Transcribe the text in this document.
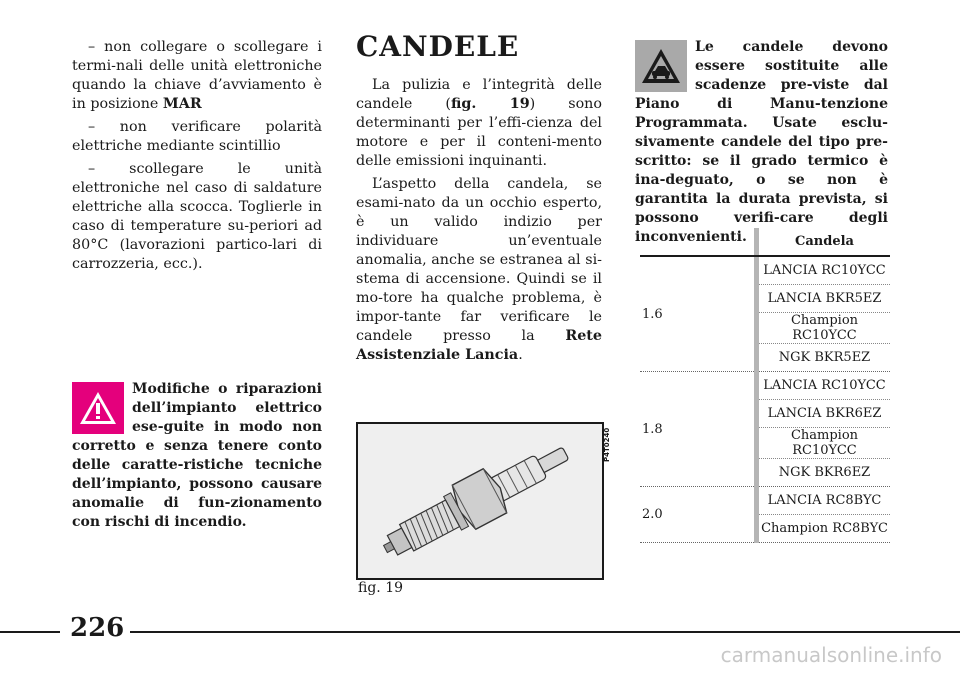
– non collegare o scollegare i termi-nali delle unità elettroniche quando la chiave d’avviamento è in posizione MAR

– non verificare polarità elettriche mediante scintillio

– scollegare le unità elettroniche nel caso di saldature elettriche alla scocca. Toglierle in caso di temperature su-periori ad 80°C (lavorazioni partico-lari di carrozzeria, ecc.).

Modifiche o riparazioni dell’impianto elettrico ese-guite in modo non corretto e senza tenere conto delle caratte-ristiche tecniche dell’impianto, possono causare anomalie di fun-zionamento con rischi di incendio.
CANDELE

La pulizia e l’integrità delle candele (fig. 19) sono determinanti per l’effi-cienza del motore e per il conteni-mento delle emissioni inquinanti.

L’aspetto della candela, se esami-nato da un occhio esperto, è un valido indizio per individuare un’eventuale anomalia, anche se estranea al si-stema di accensione. Quindi se il mo-tore ha qualche problema, è impor-tante far verificare le candele presso la Rete Assistenziale Lancia.

P4T0240
fig. 19
Le candele devono essere sostituite alle scadenze pre-viste dal Piano di Manu-tenzione Programmata. Usate esclu-sivamente candele del tipo pre-scritto: se il grado termico è ina-deguato, o se non è garantita la durata prevista, si possono verifi-care degli inconvenienti.
			Candela
1.6		LANCIA RC10YCC
		LANCIA BKR5EZ
		Champion RC10YCC
		NGK BKR5EZ
1.8		LANCIA RC10YCC
		LANCIA BKR6EZ
		Champion RC10YCC
		NGK BKR6EZ
2.0		LANCIA RC8BYC
		Champion RC8BYC
226
carmanualsonline.info
